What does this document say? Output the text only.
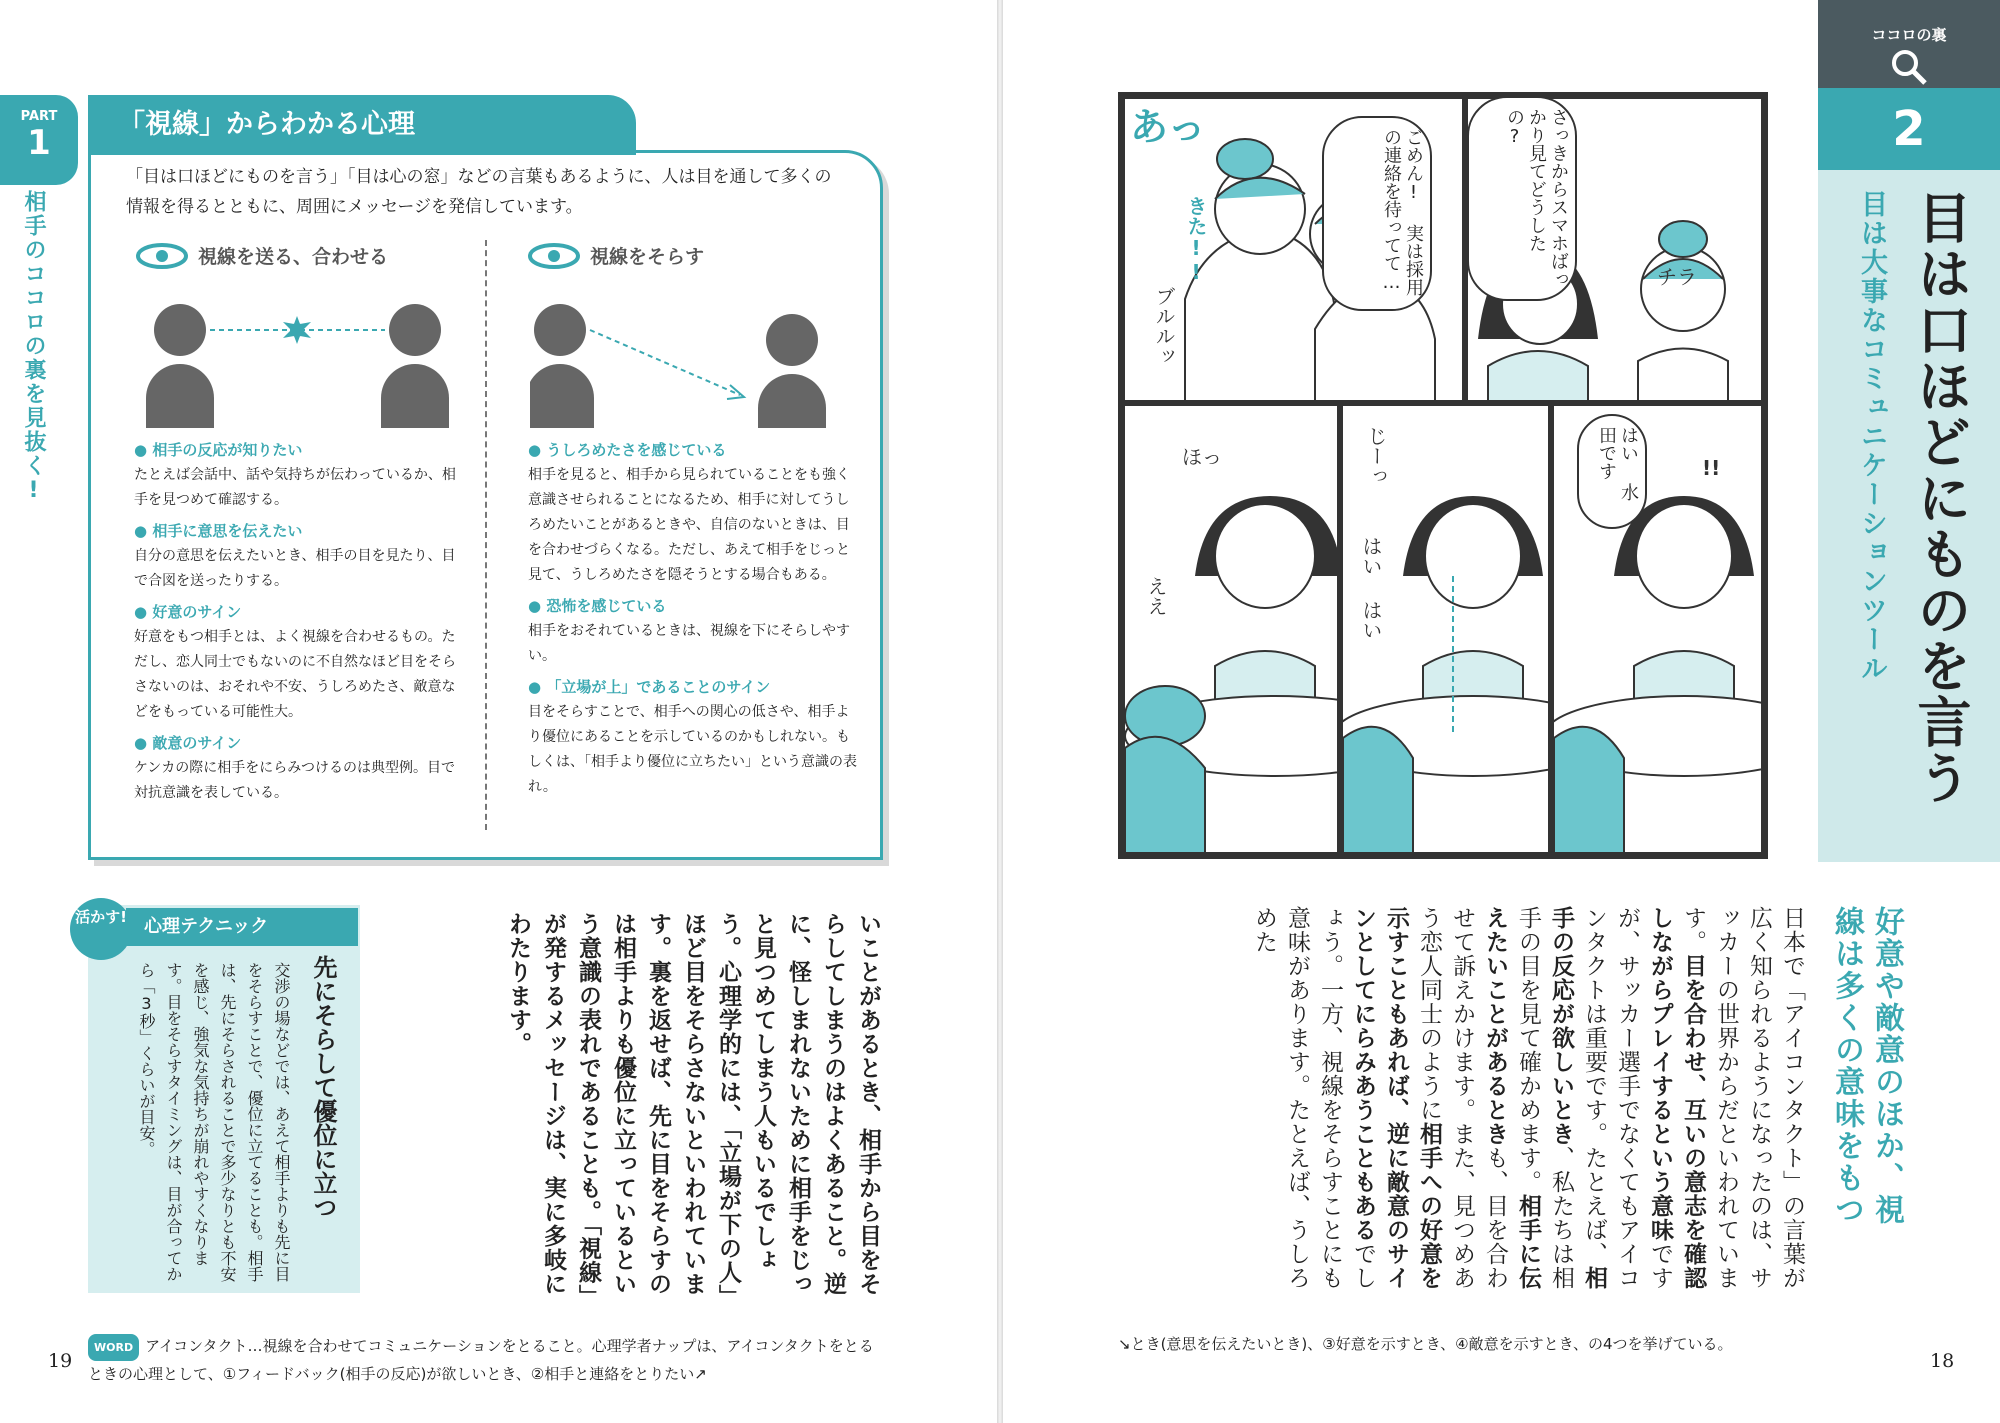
PART
1
相手のココロの裏を見抜く!
「視線」からわかる心理
「目は口ほどにものを言う」「目は心の窓」などの言葉もあるように、人は目を通して多くの情報を得るとともに、周囲にメッセージを発信しています。
視線を送る、合わせる	視線をそらす
● 相手の反応が知りたい

たとえば会話中、話や気持ちが伝わっているか、相手を見つめて確認する。

● 相手に意思を伝えたい

自分の意思を伝えたいとき、相手の目を見たり、目で合図を送ったりする。

● 好意のサイン

好意をもつ相手とは、よく視線を合わせるもの。ただし、恋人同士でもないのに不自然なほど目をそらさないのは、おそれや不安、うしろめたさ、敵意などをもっている可能性大。

● 敵意のサイン

ケンカの際に相手をにらみつけるのは典型例。目で対抗意識を表している。

● うしろめたさを感じている

相手を見ると、相手から見られていることをも強く意識させられることになるため、相手に対してうしろめたいことがあるときや、自信のないときは、目を合わせづらくなる。ただし、あえて相手をじっと見て、うしろめたさを隠そうとする場合もある。

● 恐怖を感じている

相手をおそれているときは、視線を下にそらしやすい。

● 「立場が上」であることのサイン

目をそらすことで、相手への関心の低さや、相手より優位にあることを示しているのかもしれない。もしくは、「相手より優位に立ちたい」という意識の表れ。

心理テクニック
活かす!
先にそらして優位に立つ
交渉の場などでは、あえて相手よりも先に目をそらすことで、優位に立てることも。相手は、先にそらされることで多少なりとも不安を感じ、強気な気持ちが崩れやすくなります。目をそらすタイミングは、目が合ってから「3秒」くらいが目安。	いことがあるとき、相手から目をそらしてしまうのはよくあること。逆に、怪しまれないために相手をじっと見つめてしまう人もいるでしょう。心理学的には、「立場が下の人」ほど目をそらさないといわれています。裏を返せば、先に目をそらすのは相手よりも優位に立っているという意識の表れであることも。「視線」が発するメッセージは、実に多岐にわたります。
WORD アイコンタクト…視線を合わせてコミュニケーションをとること。心理学者ナップは、アイコンタクトをとるときの心理として、①フィードバック(相手の反応)が欲しいとき、②相手と連絡をとりたい↗
19
さっきからスマホばっかり見てどうしたの?
ごめん! 実は採用の連絡を待ってて…
はい 水田です
あっ
きた!!
ブルルッ
チラ
ほっ	じーっ
はい はい
!!
ええ
ココロの裏
2
目は口ほどにものを言う
目は大事なコミュニケーションツール
好意や敵意のほか、視線は多くの意味をもつ
日本で「アイコンタクト」の言葉が広く知られるようになったのは、サッカーの世界からだといわれています。目を合わせ、互いの意志を確認しながらプレイするという意味ですが、サッカー選手でなくてもアイコンタクトは重要です。たとえば、相手の反応が欲しいとき、私たちは相手の目を見て確かめます。相手に伝えたいことがあるときも、目を合わせて訴えかけます。また、見つめあう恋人同士のように相手への好意を示すこともあれば、逆に敵意のサインとしてにらみあうこともあるでしょう。一方、視線をそらすことにも意味があります。たとえば、うしろめた
↘とき(意思を伝えたいとき)、③好意を示すとき、④敵意を示すとき、の4つを挙げている。
18
